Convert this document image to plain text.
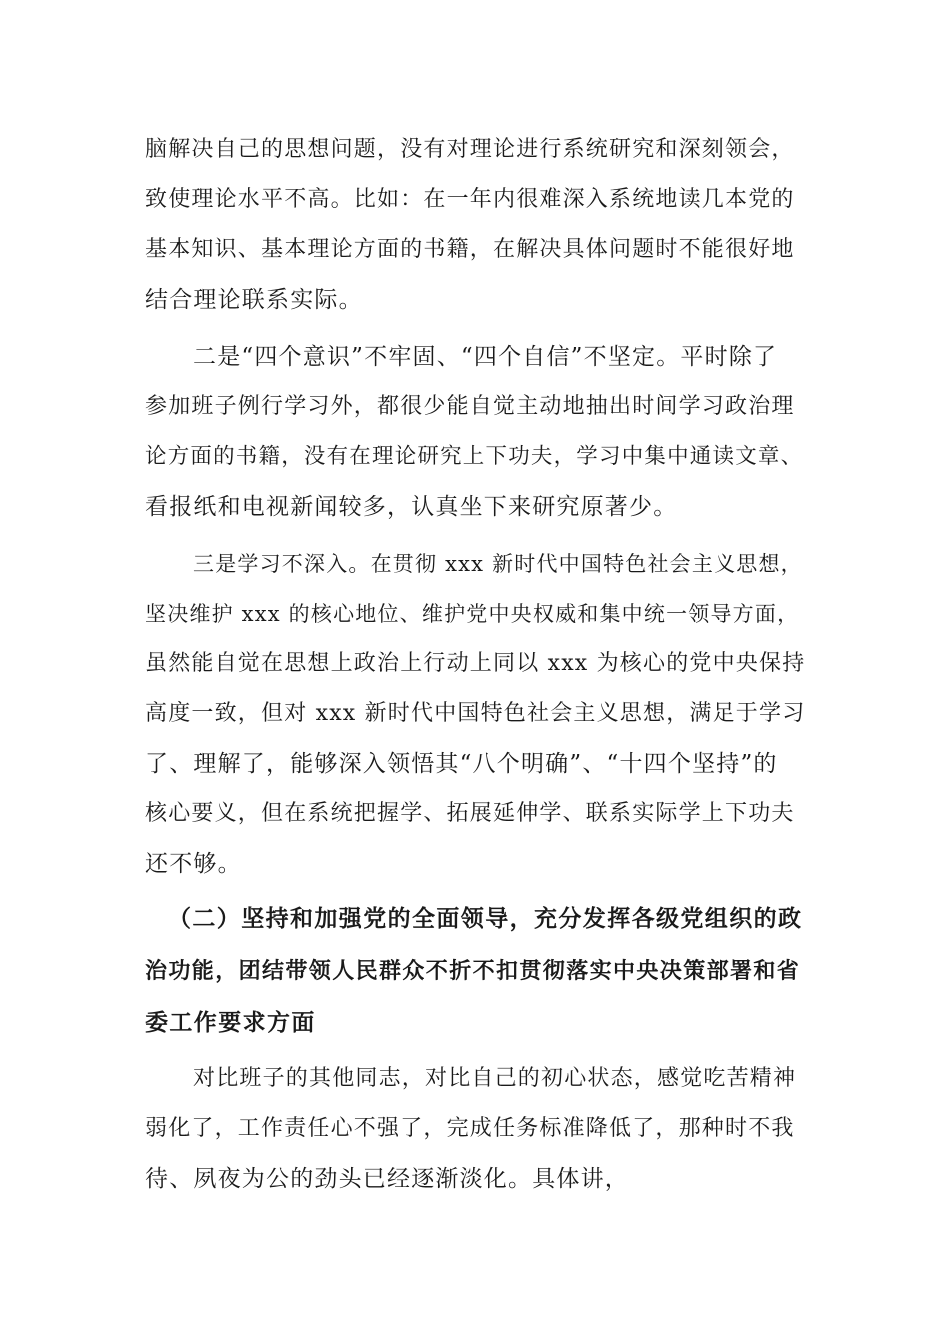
脑解决自己的思想问题，没有对理论进行系统研究和深刻领会，
致使理论水平不高。比如：在一年内很难深入系统地读几本党的
基本知识、基本理论方面的书籍，在解决具体问题时不能很好地
结合理论联系实际。
二是“四个意识”不牢固、“四个自信”不坚定。平时除了
参加班子例行学习外，都很少能自觉主动地抽出时间学习政治理
论方面的书籍，没有在理论研究上下功夫，学习中集中通读文章、
看报纸和电视新闻较多，认真坐下来研究原著少。
三是学习不深入。在贯彻 xxx 新时代中国特色社会主义思想，
坚决维护 xxx 的核心地位、维护党中央权威和集中统一领导方面，
虽然能自觉在思想上政治上行动上同以 xxx 为核心的党中央保持
高度一致，但对 xxx 新时代中国特色社会主义思想，满足于学习
了、理解了，能够深入领悟其“八个明确”、“十四个坚持”的
核心要义，但在系统把握学、拓展延伸学、联系实际学上下功夫
还不够。
（二）坚持和加强党的全面领导，充分发挥各级党组织的政
治功能，团结带领人民群众不折不扣贯彻落实中央决策部署和省
委工作要求方面
对比班子的其他同志，对比自己的初心状态，感觉吃苦精神
弱化了，工作责任心不强了，完成任务标准降低了，那种时不我
待、夙夜为公的劲头已经逐渐淡化。具体讲，
